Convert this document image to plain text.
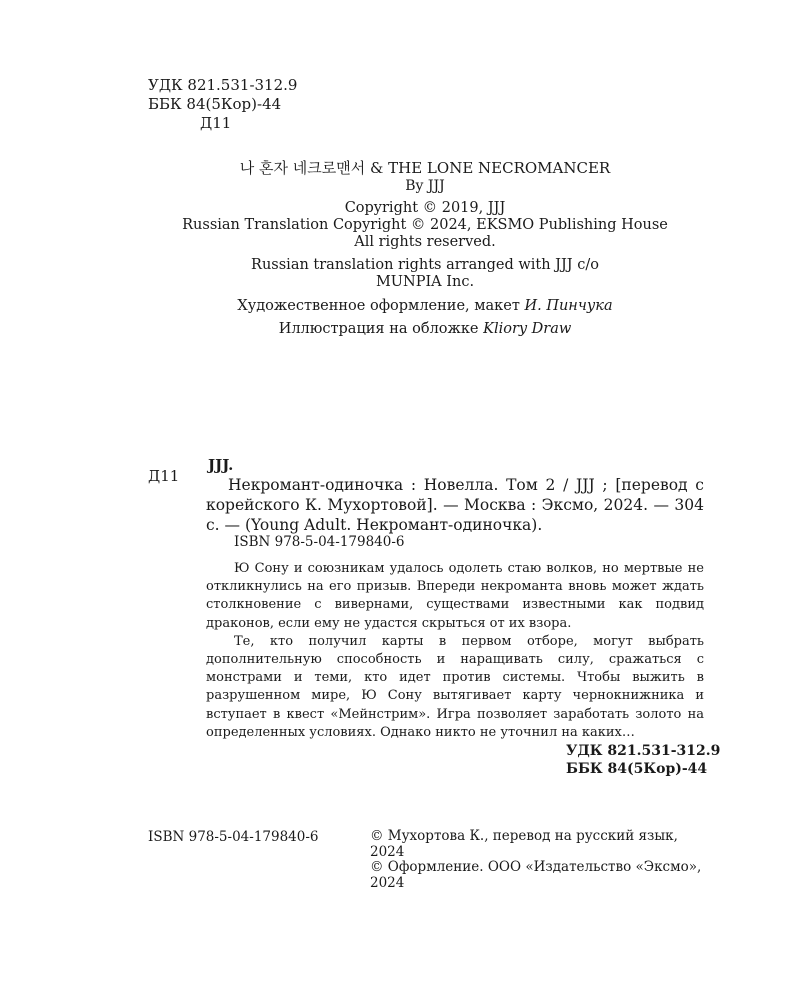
УДК 821.531-312.9
ББК 84(5Кор)-44
Д11
나 혼자 네크로맨서 & THE LONE NECROMANCER
By JJJ
Copyright © 2019, JJJ
Russian Translation Copyright © 2024, EKSMO Publishing House
All rights reserved.
Russian translation rights arranged with JJJ c/o
MUNPIA Inc.
Художественное оформление, макет И. Пинчука
Иллюстрация на обложке Kliory Draw
Д11
JJJ.
Некромант-одиночка : Новелла. Том 2 / JJJ ; [перевод с корейского К. Мухортовой]. — Москва : Эксмо, 2024. — 304 с. — (Young Adult. Некромант-одиночка).
ISBN 978-5-04-179840-6

Ю Сону и союзникам удалось одолеть стаю волков, но мертвые не откликнулись на его призыв. Впереди некроманта вновь может ждать столкновение с вивернами, существами известными как подвид драконов, если ему не удастся скрыться от их взора.

Те, кто получил карты в первом отборе, могут выбрать дополнительную способность и наращивать силу, сражаться с монстрами и теми, кто идет против системы. Чтобы выжить в разрушенном мире, Ю Сону вытягивает карту чернокнижника и вступает в квест «Мейнстрим». Игра позволяет заработать золото на определенных условиях. Однако никто не уточнил на каких…

УДК 821.531-312.9
ББК 84(5Кор)-44
ISBN 978-5-04-179840-6	© Мухортова К., перевод на русский язык, 2024
© Оформление. ООО «Издательство «Эксмо», 2024
